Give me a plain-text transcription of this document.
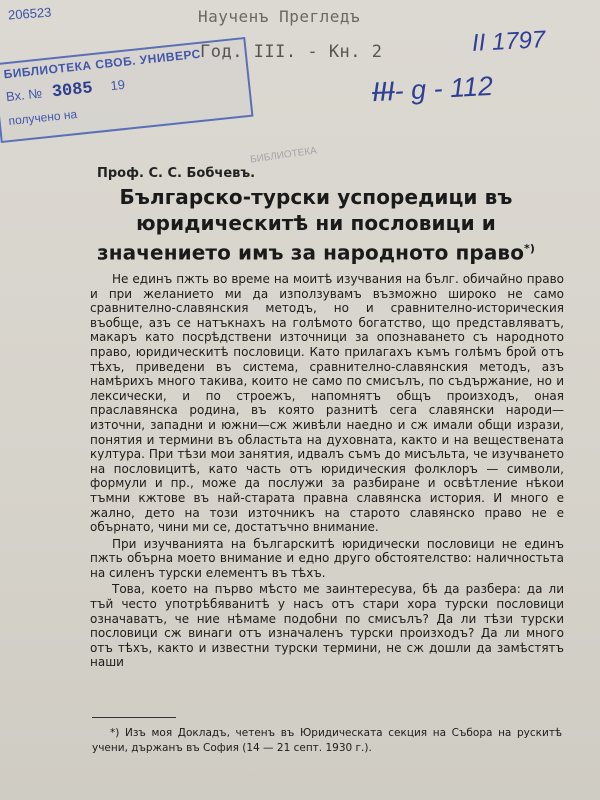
206523	Наученъ Прегледъ
Год. III. - Кн. 2
БИБЛИОТЕКА СВОБ. УНИВЕРС
Вх. № 3085 19
получено на
II 1797
III- g - 112
БИБЛИОТЕКА
Проф. С. С. Бобчевъ.
Българско-турски успоредици въ юридическитѣ ни пословици и значението имъ за народното право*)

Не единъ пжть во време на моитѣ изучвания на бълг. обичайно право и при желанието ми да използувамъ възможно широко не само сравнително-славянския методъ, но и сравнително-историческия въобще, азъ се натъкнахъ на голѣмото богатство, що представляватъ, макаръ като посрѣдствени източници за опознаването съ народното право, юридическитѣ пословици. Като прилагахъ къмъ голѣмъ брой отъ тѣхъ, приведени въ система, сравнително-славянския методъ, азъ намѣрихъ много такива, които не само по смисълъ, по съдържание, но и лексически, и по строежъ, напомнятъ общъ произходъ, оная праславянска родина, въ която разнитѣ сега славянски народи—източни, западни и южни—сж живѣли наедно и сж имали общи изрази, понятия и термини въ областьта на духовната, както и на веществената култура. При тѣзи мои занятия, идвалъ съмъ до мисъльта, че изучването на пословицитѣ, като часть отъ юридическия фолклоръ — символи, формули и пр., може да послужи за разбиране и освѣтление нѣкои тъмни кжтове въ най-старата правна славянска история. И много е жално, дето на този източникъ на старото славянско право не е обърнато, чини ми се, достатъчно внимание.

При изучванията на българскитѣ юридически пословици не единъ пжть обърна моето внимание и едно друго обстоятелство: наличностьта на силенъ турски елементъ въ тѣхъ.

Това, което на първо мѣсто ме заинтересува, бѣ да разбера: да ли тъй често употрѣбяванитѣ у насъ отъ стари хора турски пословици означаватъ, че ние нѣмаме подобни по смисълъ? Да ли тѣзи турски пословици сж винаги отъ изначаленъ турски произходъ? Да ли много отъ тѣхъ, както и известни турски термини, не сж дошли да замѣстятъ наши

*) Изъ моя Докладъ, четенъ въ Юридическата секция на Събора на рускитѣ учени, държанъ въ София (14 — 21 септ. 1930 г.).
